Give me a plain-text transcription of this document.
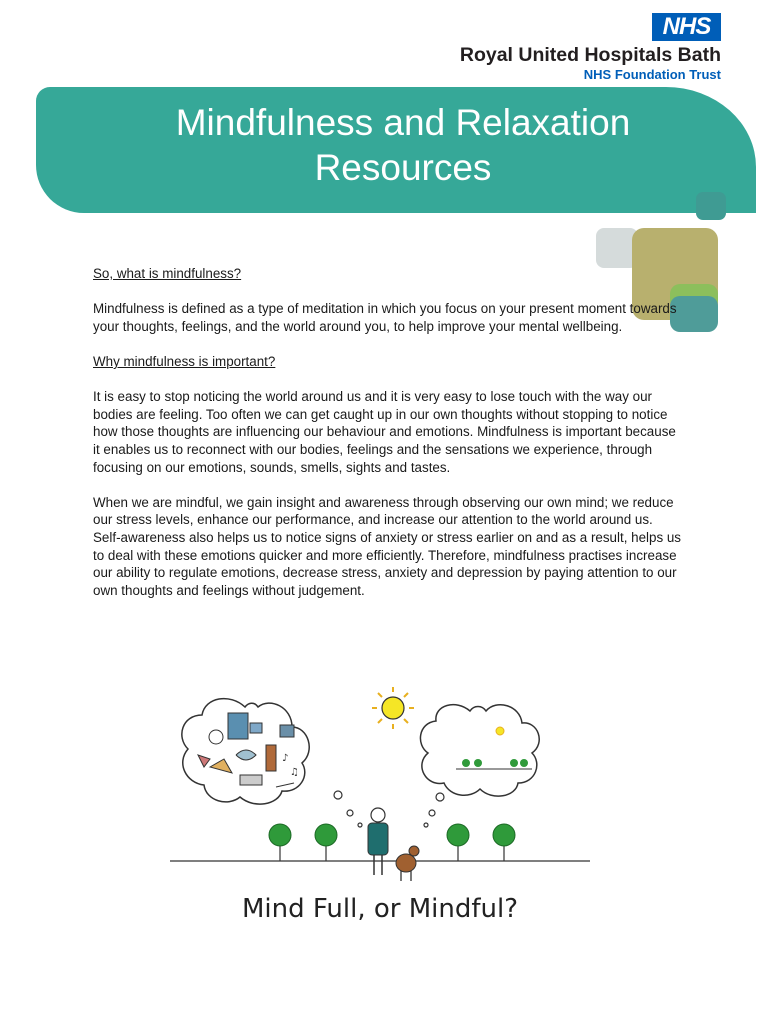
NHS
Royal United Hospitals Bath
NHS Foundation Trust
Mindfulness and Relaxation
Resources

So, what is mindfulness?

Mindfulness is defined as a type of meditation in which you focus on your present moment towards your thoughts, feelings, and the world around you, to help improve your mental wellbeing.

Why mindfulness is important?

It is easy to stop noticing the world around us and it is very easy to lose touch with the way our bodies are feeling. Too often we can get caught up in our own thoughts without stopping to notice how those thoughts are influencing our behaviour and emotions. Mindfulness is important because it enables us to reconnect with our bodies, feelings and the sensations we experience, through focusing on our emotions, sounds, smells, sights and tastes.

When we are mindful, we gain insight and awareness through observing our own mind; we reduce our stress levels, enhance our performance, and increase our attention to the world around us. Self-awareness also helps us to notice signs of anxiety or stress earlier on and as a result, helps us to deal with these emotions quicker and more efficiently. Therefore, mindfulness practises increase our ability to regulate emotions, decrease stress, anxiety and depression by paying attention to our own thoughts and feelings without judgement.

♪
♫
Mind Full, or Mindful?
